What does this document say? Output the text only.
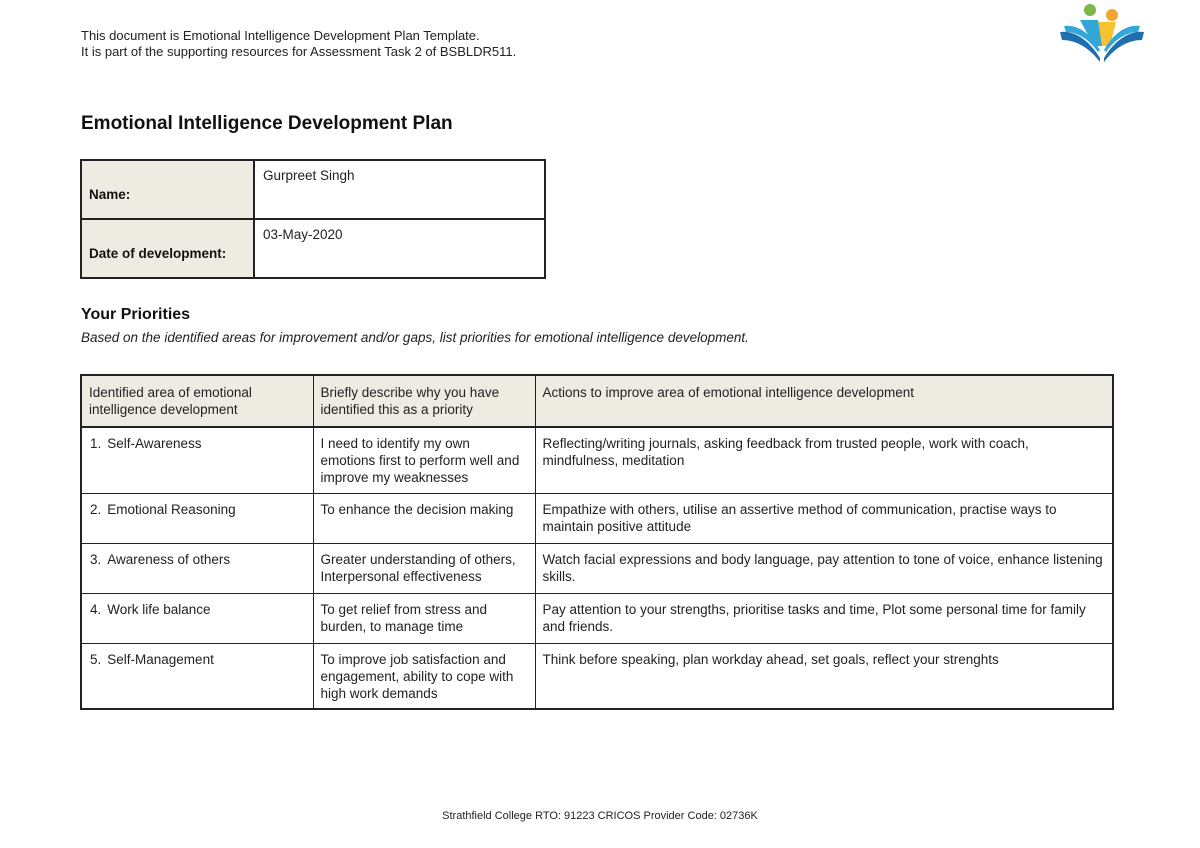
This document is Emotional Intelligence Development Plan Template.
It is part of the supporting resources for Assessment Task 2 of BSBLDR511.
Emotional Intelligence Development Plan
Name:	Gurpreet Singh
Date of development:	03-May-2020
Your Priorities
Based on the identified areas for improvement and/or gaps, list priorities for emotional intelligence development.
Identified area of emotional intelligence development	Briefly describe why you have identified this as a priority	Actions to improve area of emotional intelligence development
1. Self-Awareness	I need to identify my own emotions first to perform well and improve my weaknesses	Reflecting/writing journals, asking feedback from trusted people, work with coach, mindfulness, meditation
2. Emotional Reasoning	To enhance the decision making	Empathize with others, utilise an assertive method of communication, practise ways to maintain positive attitude
3. Awareness of others	Greater understanding of others, Interpersonal effectiveness	Watch facial expressions and body language, pay attention to tone of voice, enhance listening skills.
4. Work life balance	To get relief from stress and burden, to manage time	Pay attention to your strengths, prioritise tasks and time, Plot some personal time for family and friends.
5. Self-Management	To improve job satisfaction and engagement, ability to cope with high work demands	Think before speaking, plan workday ahead, set goals, reflect your strenghts
Strathfield College RTO: 91223 CRICOS Provider Code: 02736K
